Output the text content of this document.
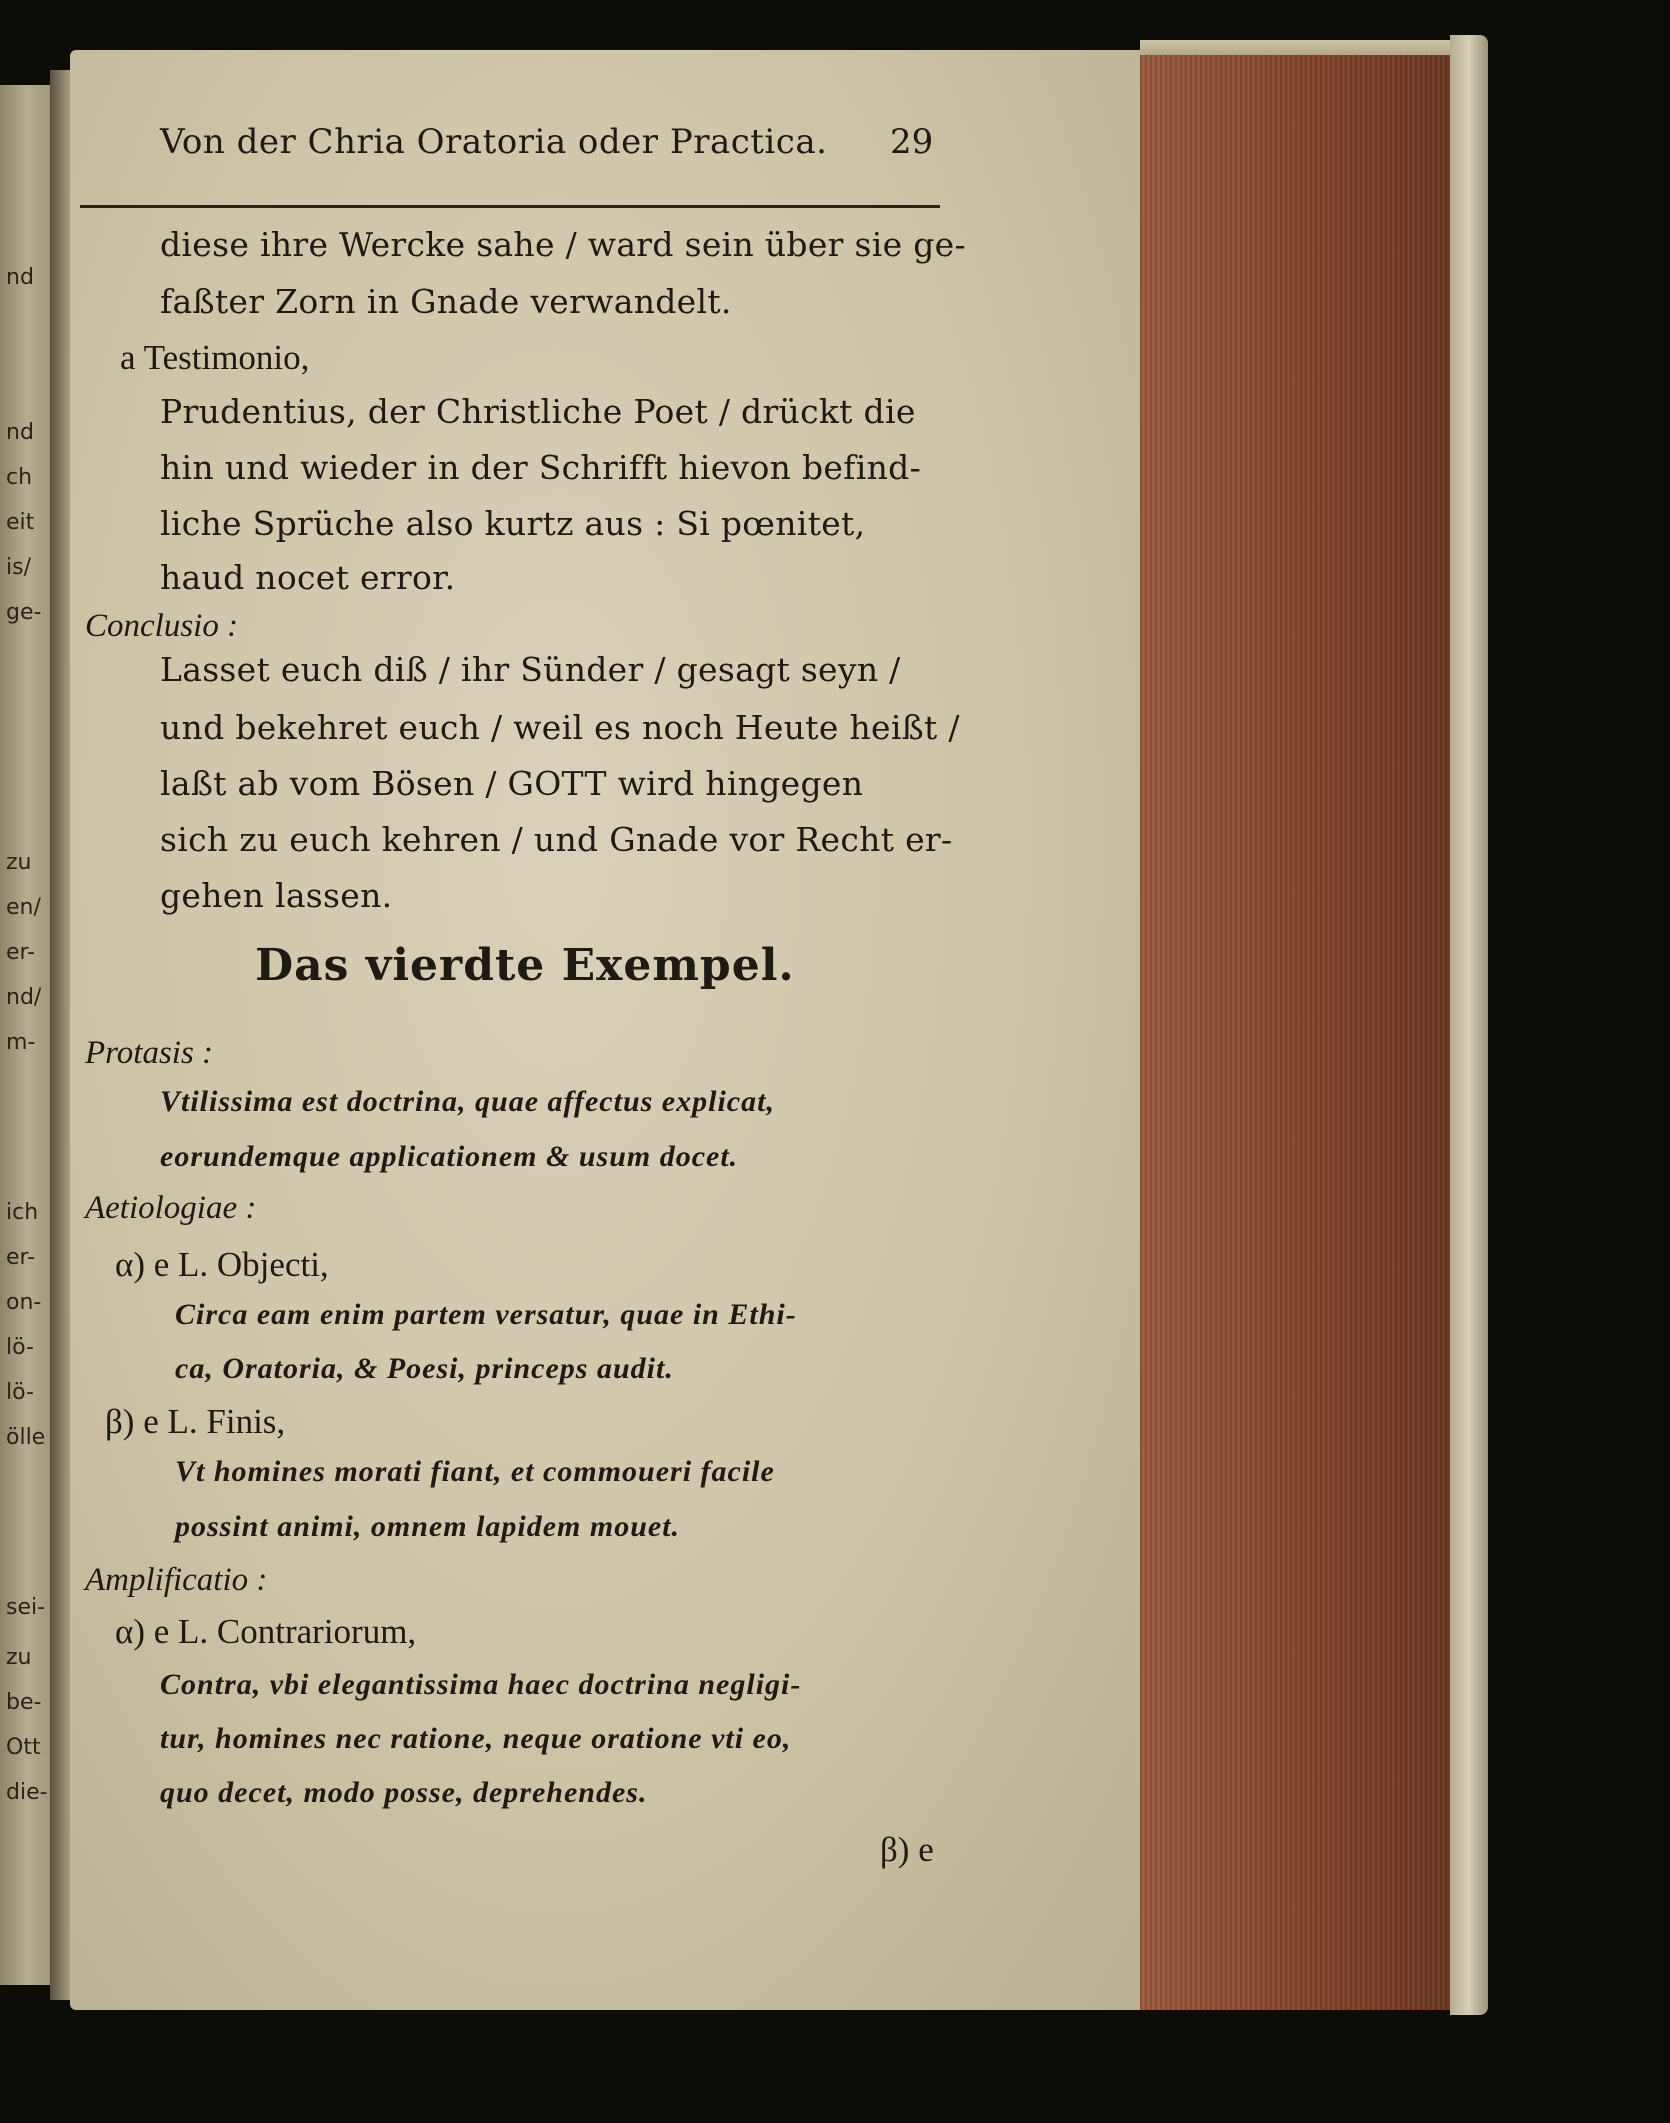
nd
nd
ch
eit
is/
ge-
zu
en/
er-
nd/
m-
ich
er-
on-
lö-
lö-
ölle
sei-
zu
be-
Ott
die-
Von der Chria Oratoria oder Practica. 29
diese ihre Wercke sahe / ward sein über sie ge-
faßter Zorn in Gnade verwandelt.
a Testimonio,
Prudentius, der Christliche Poet / drückt die
hin und wieder in der Schrifft hievon befind-
liche Sprüche also kurtz aus : Si pœnitet,
haud nocet error.
Conclusio :
Lasset euch diß / ihr Sünder / gesagt seyn /
und bekehret euch / weil es noch Heute heißt /
laßt ab vom Bösen / GOTT wird hingegen
sich zu euch kehren / und Gnade vor Recht er-
gehen lassen.
Das vierdte Exempel.
Protasis :
Vtilissima est doctrina, quae affectus explicat,
eorundemque applicationem & usum docet.
Aetiologiae :
α) e L. Objecti,
Circa eam enim partem versatur, quae in Ethi-
ca, Oratoria, & Poesi, princeps audit.
β) e L. Finis,
Vt homines morati fiant, et commoueri facile
possint animi, omnem lapidem mouet.
Amplificatio :
α) e L. Contrariorum,
Contra, vbi elegantissima haec doctrina negligi-
tur, homines nec ratione, neque oratione vti eo,
quo decet, modo posse, deprehendes.
β) e
